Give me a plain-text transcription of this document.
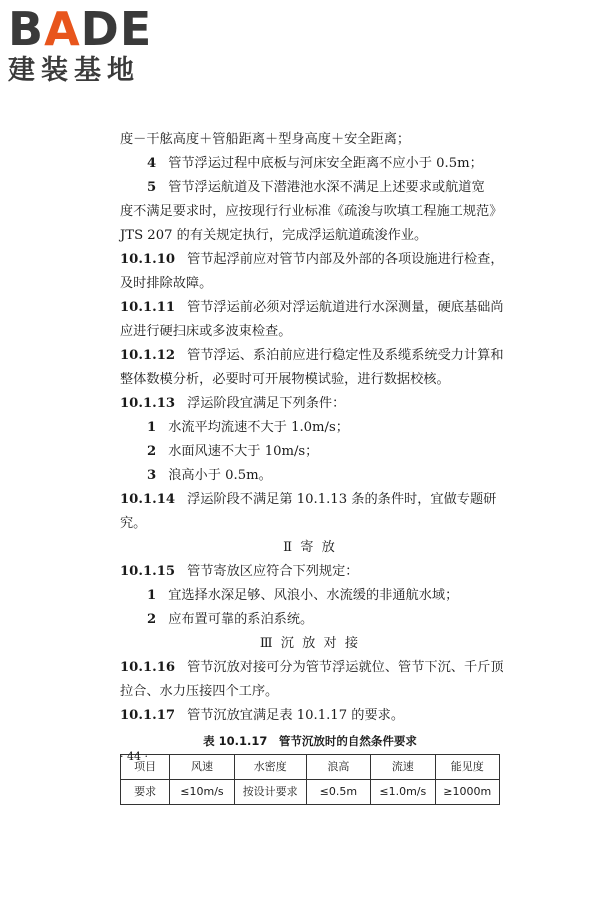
BADE
建装基地
度－干舷高度＋管船距离＋型身高度＋安全距离；
4 管节浮运过程中底板与河床安全距离不应小于 0.5m；
5 管节浮运航道及下潜港池水深不满足上述要求或航道宽
度不满足要求时，应按现行行业标准《疏浚与吹填工程施工规范》
JTS 207 的有关规定执行，完成浮运航道疏浚作业。
10.1.10 管节起浮前应对管节内部及外部的各项设施进行检查，
及时排除故障。
10.1.11 管节浮运前必须对浮运航道进行水深测量，硬底基础尚
应进行硬扫床或多波束检查。
10.1.12 管节浮运、系泊前应进行稳定性及系缆系统受力计算和
整体数模分析，必要时可开展物模试验，进行数据校核。
10.1.13 浮运阶段宜满足下列条件：
1 水流平均流速不大于 1.0m/s；
2 水面风速不大于 10m/s；
3 浪高小于 0.5m。
10.1.14 浮运阶段不满足第 10.1.13 条的条件时，宜做专题研
究。
Ⅱ 寄 放
10.1.15 管节寄放区应符合下列规定：
1 宜选择水深足够、风浪小、水流缓的非通航水域；
2 应布置可靠的系泊系统。
Ⅲ 沉 放 对 接
10.1.16 管节沉放对接可分为管节浮运就位、管节下沉、千斤顶
拉合、水力压接四个工序。
10.1.17 管节沉放宜满足表 10.1.17 的要求。
表 10.1.17　管节沉放时的自然条件要求
项目	风速	水密度	浪高	流速	能见度
要求	≤10m/s	按设计要求	≤0.5m	≤1.0m/s	≥1000m
· 44 ·
